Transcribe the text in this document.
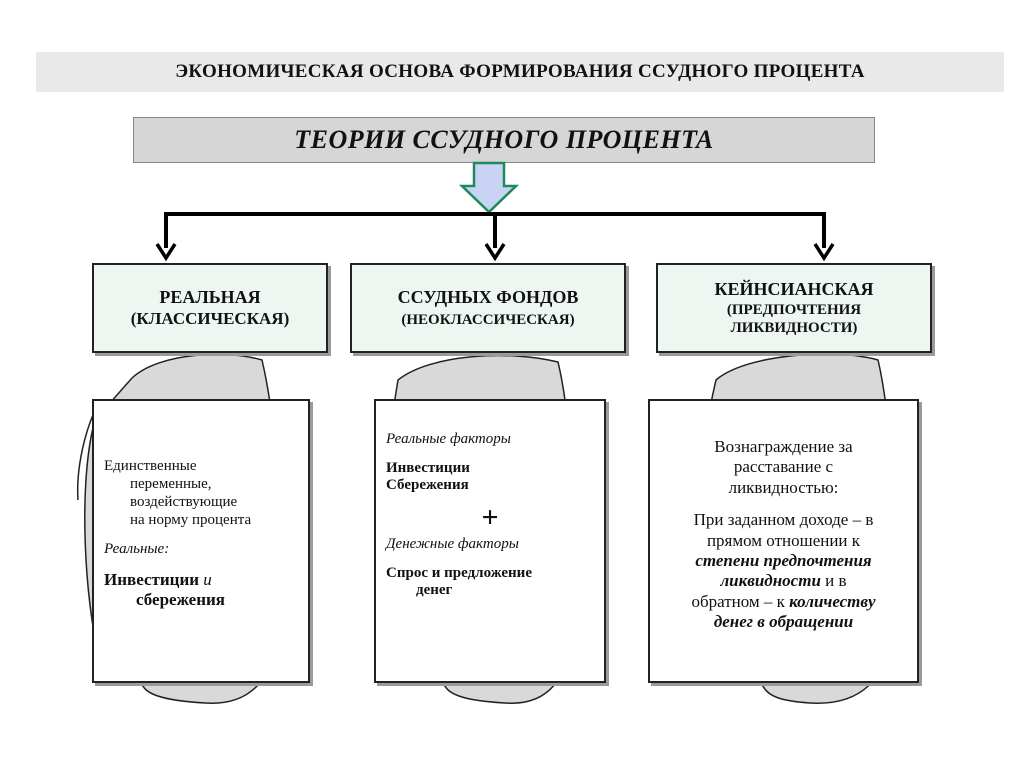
ЭКОНОМИЧЕСКАЯ ОСНОВА ФОРМИРОВАНИЯ ССУДНОГО ПРОЦЕНТА
ТЕОРИИ ССУДНОГО ПРОЦЕНТА
РЕАЛЬНАЯ
(КЛАССИЧЕСКАЯ)
ССУДНЫХ ФОНДОВ
(НЕОКЛАССИЧЕСКАЯ)
КЕЙНСИАНСКАЯ
(ПРЕДПОЧТЕНИЯ
ЛИКВИДНОСТИ)
Единственные
переменные,
воздействующие
на норму процента
Реальные:
Инвестиции и
сбережения
Реальные факторы
Инвестиции
Сбережения
+
Денежные факторы
Спрос и предложение
денег
Вознаграждение за
расставание с
ликвидностью:
При заданном доходе – в
прямом отношении к
степени предпочтения
ликвидности и в
обратном – к количеству
денег в обращении
